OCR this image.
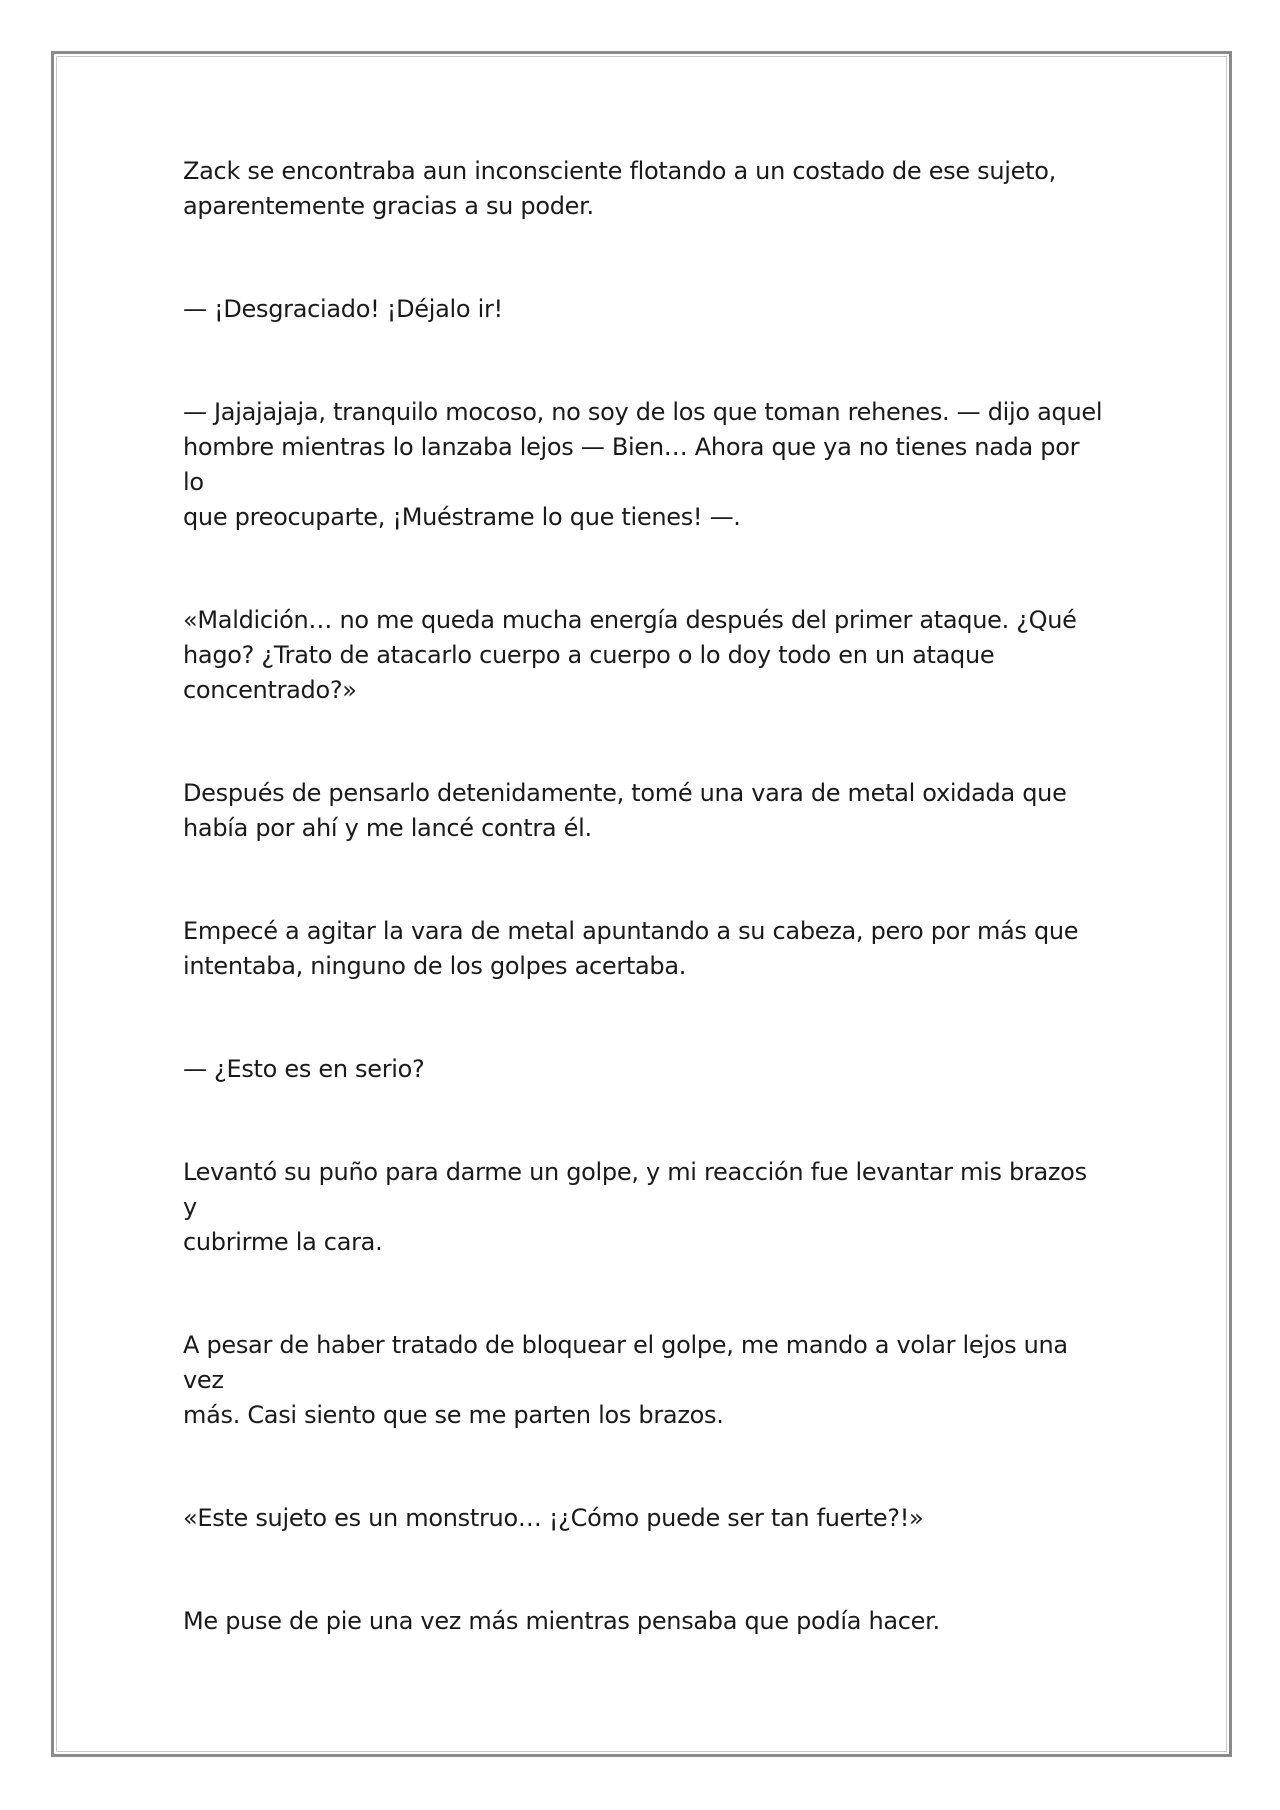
Zack se encontraba aun inconsciente flotando a un costado de ese sujeto,
aparentemente gracias a su poder.

— ¡Desgraciado! ¡Déjalo ir!

— Jajajajaja, tranquilo mocoso, no soy de los que toman rehenes. — dijo aquel
hombre mientras lo lanzaba lejos — Bien… Ahora que ya no tienes nada por lo
que preocuparte, ¡Muéstrame lo que tienes! —.

«Maldición… no me queda mucha energía después del primer ataque. ¿Qué
hago? ¿Trato de atacarlo cuerpo a cuerpo o lo doy todo en un ataque
concentrado?»

Después de pensarlo detenidamente, tomé una vara de metal oxidada que
había por ahí y me lancé contra él.

Empecé a agitar la vara de metal apuntando a su cabeza, pero por más que
intentaba, ninguno de los golpes acertaba.

— ¿Esto es en serio?

Levantó su puño para darme un golpe, y mi reacción fue levantar mis brazos y
cubrirme la cara.

A pesar de haber tratado de bloquear el golpe, me mando a volar lejos una vez
más. Casi siento que se me parten los brazos.

«Este sujeto es un monstruo… ¡¿Cómo puede ser tan fuerte?!»

Me puse de pie una vez más mientras pensaba que podía hacer.
